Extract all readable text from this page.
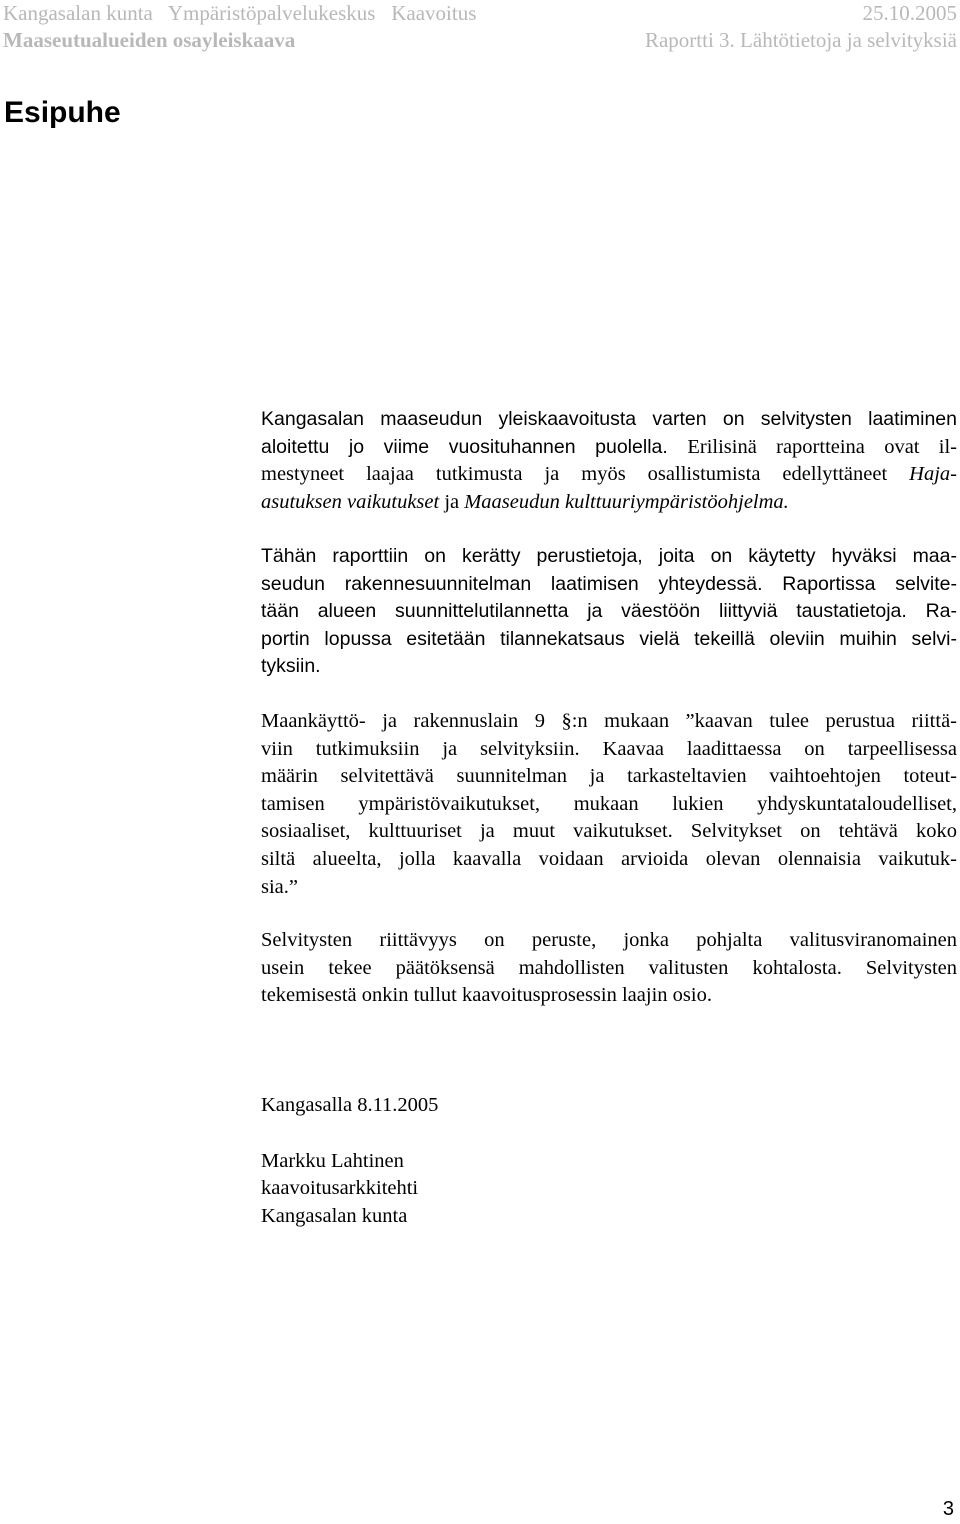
Kangasalan kunta   Ympäristöpalvelukeskus   Kaavoitus	25.10.2005
Maaseutualueiden osayleiskaava	Raportti 3. Lähtötietoja ja selvityksiä
Esipuhe
Kangasalan maaseudun yleiskaavoitusta varten on selvitysten laatiminen
aloitettu jo viime vuosituhannen puolella. Erilisinä raportteina ovat il-
mestyneet laajaa tutkimusta ja myös osallistumista edellyttäneet Haja-
asutuksen vaikutukset ja Maaseudun kulttuuriympäristöohjelma.
Tähän raporttiin on kerätty perustietoja, joita on käytetty hyväksi maa-
seudun rakennesuunnitelman laatimisen yhteydessä. Raportissa selvite-
tään alueen suunnittelutilannetta ja väestöön liittyviä taustatietoja. Ra-
portin lopussa esitetään tilannekatsaus vielä tekeillä oleviin muihin selvi-
tyksiin.
Maankäyttö- ja rakennuslain 9 §:n mukaan ”kaavan tulee perustua riittä-
viin tutkimuksiin ja selvityksiin. Kaavaa laadittaessa on tarpeellisessa
määrin selvitettävä suunnitelman ja tarkasteltavien vaihtoehtojen toteut-
tamisen ympäristövaikutukset, mukaan lukien yhdyskuntataloudelliset,
sosiaaliset, kulttuuriset ja muut vaikutukset. Selvitykset on tehtävä koko
siltä alueelta, jolla kaavalla voidaan arvioida olevan olennaisia vaikutuk-
sia.”
Selvitysten riittävyys on peruste, jonka pohjalta valitusviranomainen
usein tekee päätöksensä mahdollisten valitusten kohtalosta. Selvitysten
tekemisestä onkin tullut kaavoitusprosessin laajin osio.
Kangasalla 8.11.2005
Markku Lahtinen
kaavoitusarkkitehti
Kangasalan kunta
3
